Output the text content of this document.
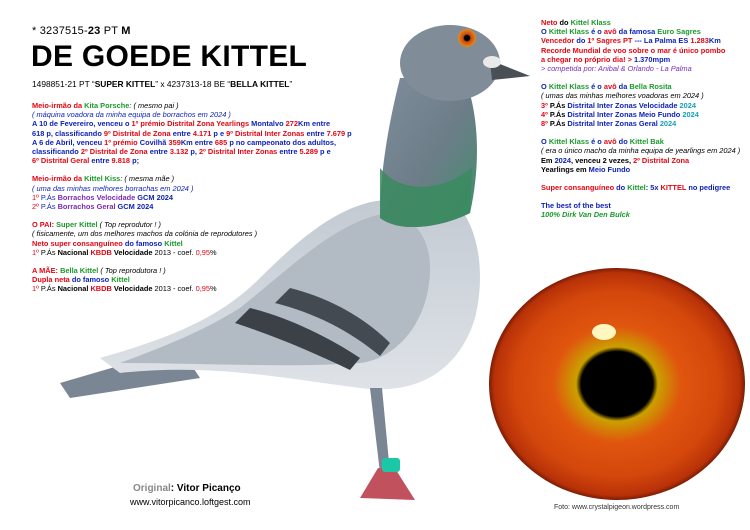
* 3237515-23 PT M
DE GOEDE KITTEL
1498851-21 PT “SUPER KITTEL” x 4237313-18 BE “BELLA KITTEL”
Meio-irmão da Kita Porsche: ( mesmo pai )
( máquina voadora da minha equipa de borrachos em 2024 )
A 10 de Fevereiro, venceu o 1º prémio Distrital Zona Yearlings Montalvo 272Km entre
618 p, classificando 9º Distrital de Zona entre 4.171 p e 9º Distrital Inter Zonas entre 7.679 p
A 6 de Abril, venceu 1º prémio Covilhã 359Km entre 685 p no campeonato dos adultos,
classificando 2º Distrital de Zona entre 3.132 p, 2º Distrital Inter Zonas entre 5.289 p e
6º Distrital Geral entre 9.818 p;
Meio-irmão da Kittel Kiss: ( mesma mãe )
( uma das minhas melhores borrachas em 2024 )
1º P.Ás Borrachos Velocidade GCM 2024
2º P.Ás Borrachos Geral GCM 2024
O PAI: Super Kittel ( Top reprodutor ! )
( fisicamente, um dos melhores machos da colónia de reprodutores )
Neto super consanguíneo do famoso Kittel
1º P.Ás Nacional KBDB Velocidade 2013 - coef. 0,95%
A MÃE: Bella Kittel ( Top reprodutora ! )
Dupla neta do famoso Kittel
1º P.Ás Nacional KBDB Velocidade 2013 - coef. 0,95%
Neto do Kittel Klass
O Kittel Klass é o avô da famosa Euro Sagres
Vencedor do 1º Sagres PT --- La Palma ES 1.283Km
Recorde Mundial de voo sobre o mar é único pombo
a chegar no próprio dia! > 1.370mpm
> competida por: Anibal & Orlando - La Palma
O Kittel Klass é o avô da Bella Rosita
( umas das minhas melhores voadoras em 2024 )
3º P.Ás Distrital Inter Zonas Velocidade 2024
4º P.Ás Distrital Inter Zonas Meio Fundo 2024
8º P.Ás Distrital Inter Zonas Geral 2024
O Kittel Klass é o avô do Kittel Bak
( era o único macho da minha equipa de yearlings em 2024 )
Em 2024, venceu 2 vezes, 2º Distrital Zona
Yearlings em Meio Fundo
Super consanguíneo do Kittel: 5x KITTEL no pedigree
The best of the best
100% Dirk Van Den Bulck
Original: Vitor Picanço
www.vitorpicanco.loftgest.com
Foto: www.crystalpigeon.wordpress.com
